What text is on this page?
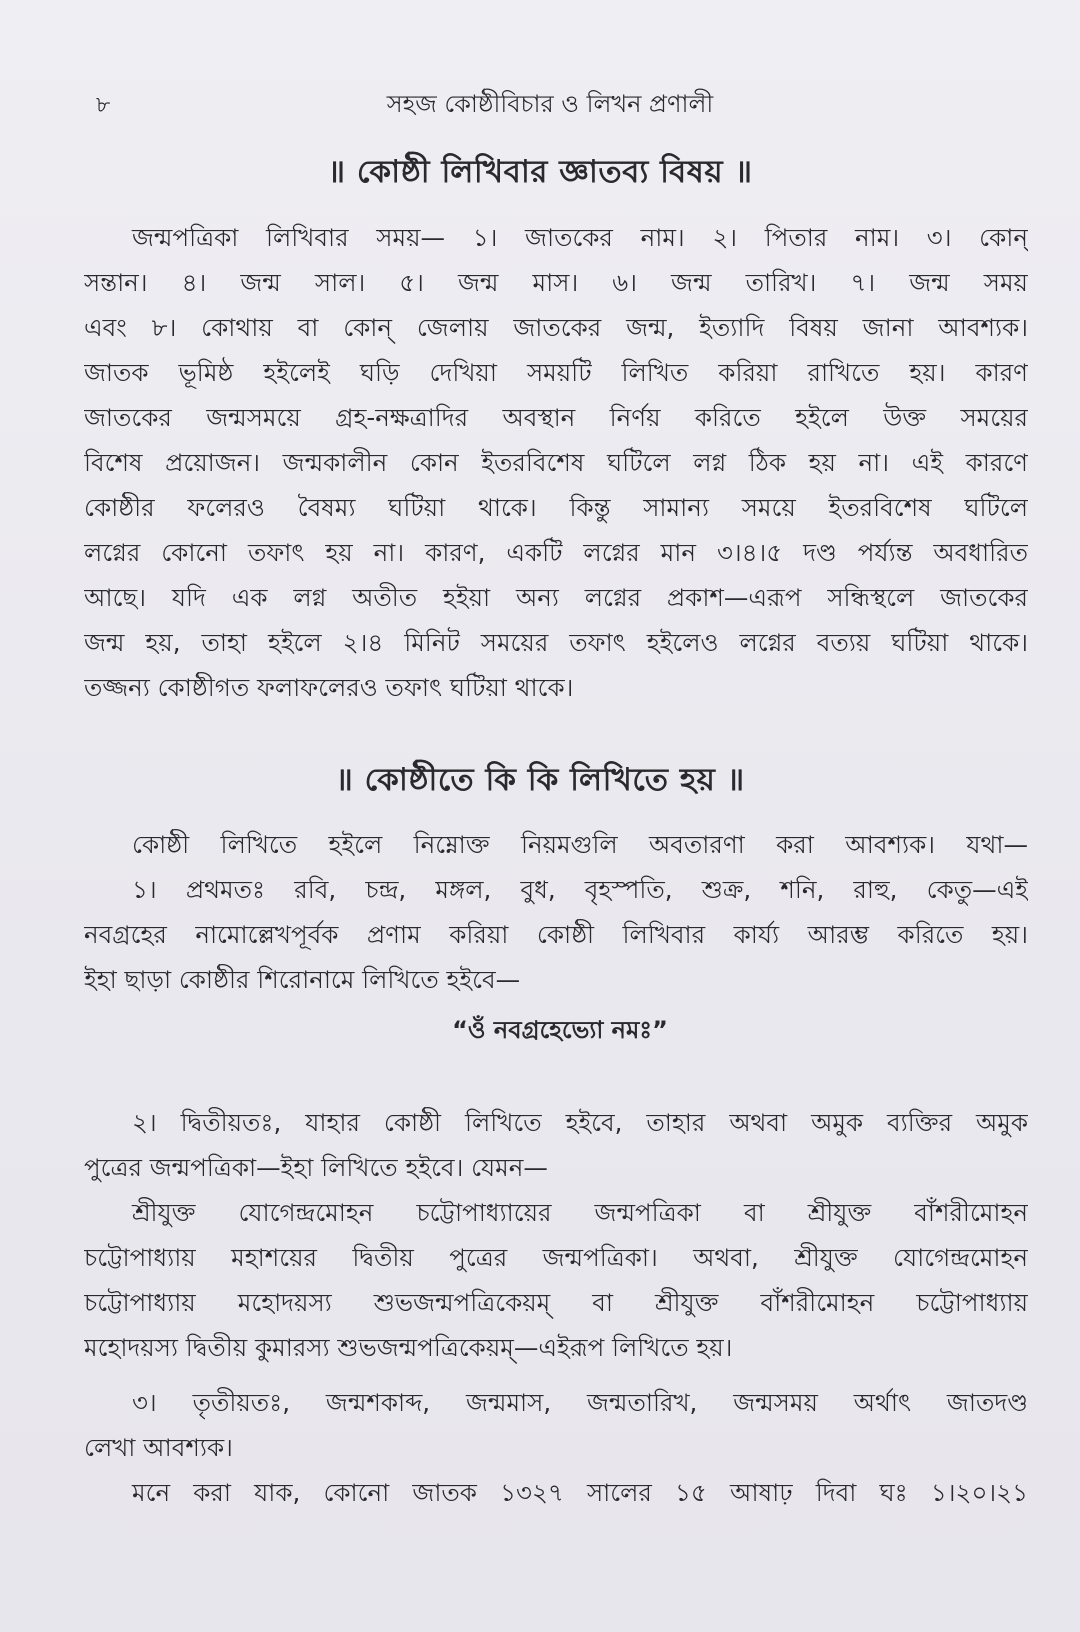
৮	সহজ কোষ্ঠীবিচার ও লিখন প্রণালী
॥ কোষ্ঠী লিখিবার জ্ঞাতব্য বিষয় ॥
জন্মপত্রিকা লিখিবার সময়— ১। জাতকের নাম। ২। পিতার নাম। ৩। কোন্
সন্তান। ৪। জন্ম সাল। ৫। জন্ম মাস। ৬। জন্ম তারিখ। ৭। জন্ম সময়
এবং ৮। কোথায় বা কোন্ জেলায় জাতকের জন্ম, ইত্যাদি বিষয় জানা আবশ্যক।
জাতক ভূমিষ্ঠ হইলেই ঘড়ি দেখিয়া সময়টি লিখিত করিয়া রাখিতে হয়। কারণ
জাতকের জন্মসময়ে গ্রহ-নক্ষত্রাদির অবস্থান নির্ণয় করিতে হইলে উক্ত সময়ের
বিশেষ প্রয়োজন। জন্মকালীন কোন ইতরবিশেষ ঘটিলে লগ্ন ঠিক হয় না। এই কারণে
কোষ্ঠীর ফলেরও বৈষম্য ঘটিয়া থাকে। কিন্তু সামান্য সময়ে ইতরবিশেষ ঘটিলে
লগ্নের কোনো তফাৎ হয় না। কারণ, একটি লগ্নের মান ৩।৪।৫ দণ্ড পর্য্যন্ত অবধারিত
আছে। যদি এক লগ্ন অতীত হইয়া অন্য লগ্নের প্রকাশ—এরূপ সন্ধিস্থলে জাতকের
জন্ম হয়, তাহা হইলে ২।৪ মিনিট সময়ের তফাৎ হইলেও লগ্নের বত্যয় ঘটিয়া থাকে।
তজ্জন্য কোষ্ঠীগত ফলাফলেরও তফাৎ ঘটিয়া থাকে।
॥ কোষ্ঠীতে কি কি লিখিতে হয় ॥
কোষ্ঠী লিখিতে হইলে নিম্নোক্ত নিয়মগুলি অবতারণা করা আবশ্যক। যথা—
১। প্রথমতঃ রবি, চন্দ্র, মঙ্গল, বুধ, বৃহস্পতি, শুক্র, শনি, রাহু, কেতু—এই
নবগ্রহের নামোল্লেখপূর্বক প্রণাম করিয়া কোষ্ঠী লিখিবার কার্য্য আরম্ভ করিতে হয়।
ইহা ছাড়া কোষ্ঠীর শিরোনামে লিখিতে হইবে—
“ওঁ নবগ্রহেভ্যো নমঃ”
২। দ্বিতীয়তঃ, যাহার কোষ্ঠী লিখিতে হইবে, তাহার অথবা অমুক ব্যক্তির অমুক
পুত্রের জন্মপত্রিকা—ইহা লিখিতে হইবে। যেমন—
শ্রীযুক্ত যোগেন্দ্রমোহন চট্টোপাধ্যায়ের জন্মপত্রিকা বা শ্রীযুক্ত বাঁশরীমোহন
চট্টোপাধ্যায় মহাশয়ের দ্বিতীয় পুত্রের জন্মপত্রিকা। অথবা, শ্রীযুক্ত যোগেন্দ্রমোহন
চট্টোপাধ্যায় মহোদয়স্য শুভজন্মপত্রিকেয়ম্ বা শ্রীযুক্ত বাঁশরীমোহন চট্টোপাধ্যায়
মহোদয়স্য দ্বিতীয় কুমারস্য শুভজন্মপত্রিকেয়ম্—এইরূপ লিখিতে হয়।
৩। তৃতীয়তঃ, জন্মশকাব্দ, জন্মমাস, জন্মতারিখ, জন্মসময় অর্থাৎ জাতদণ্ড
লেখা আবশ্যক।
মনে করা যাক, কোনো জাতক ১৩২৭ সালের ১৫ আষাঢ় দিবা ঘঃ ১।২০।২১
